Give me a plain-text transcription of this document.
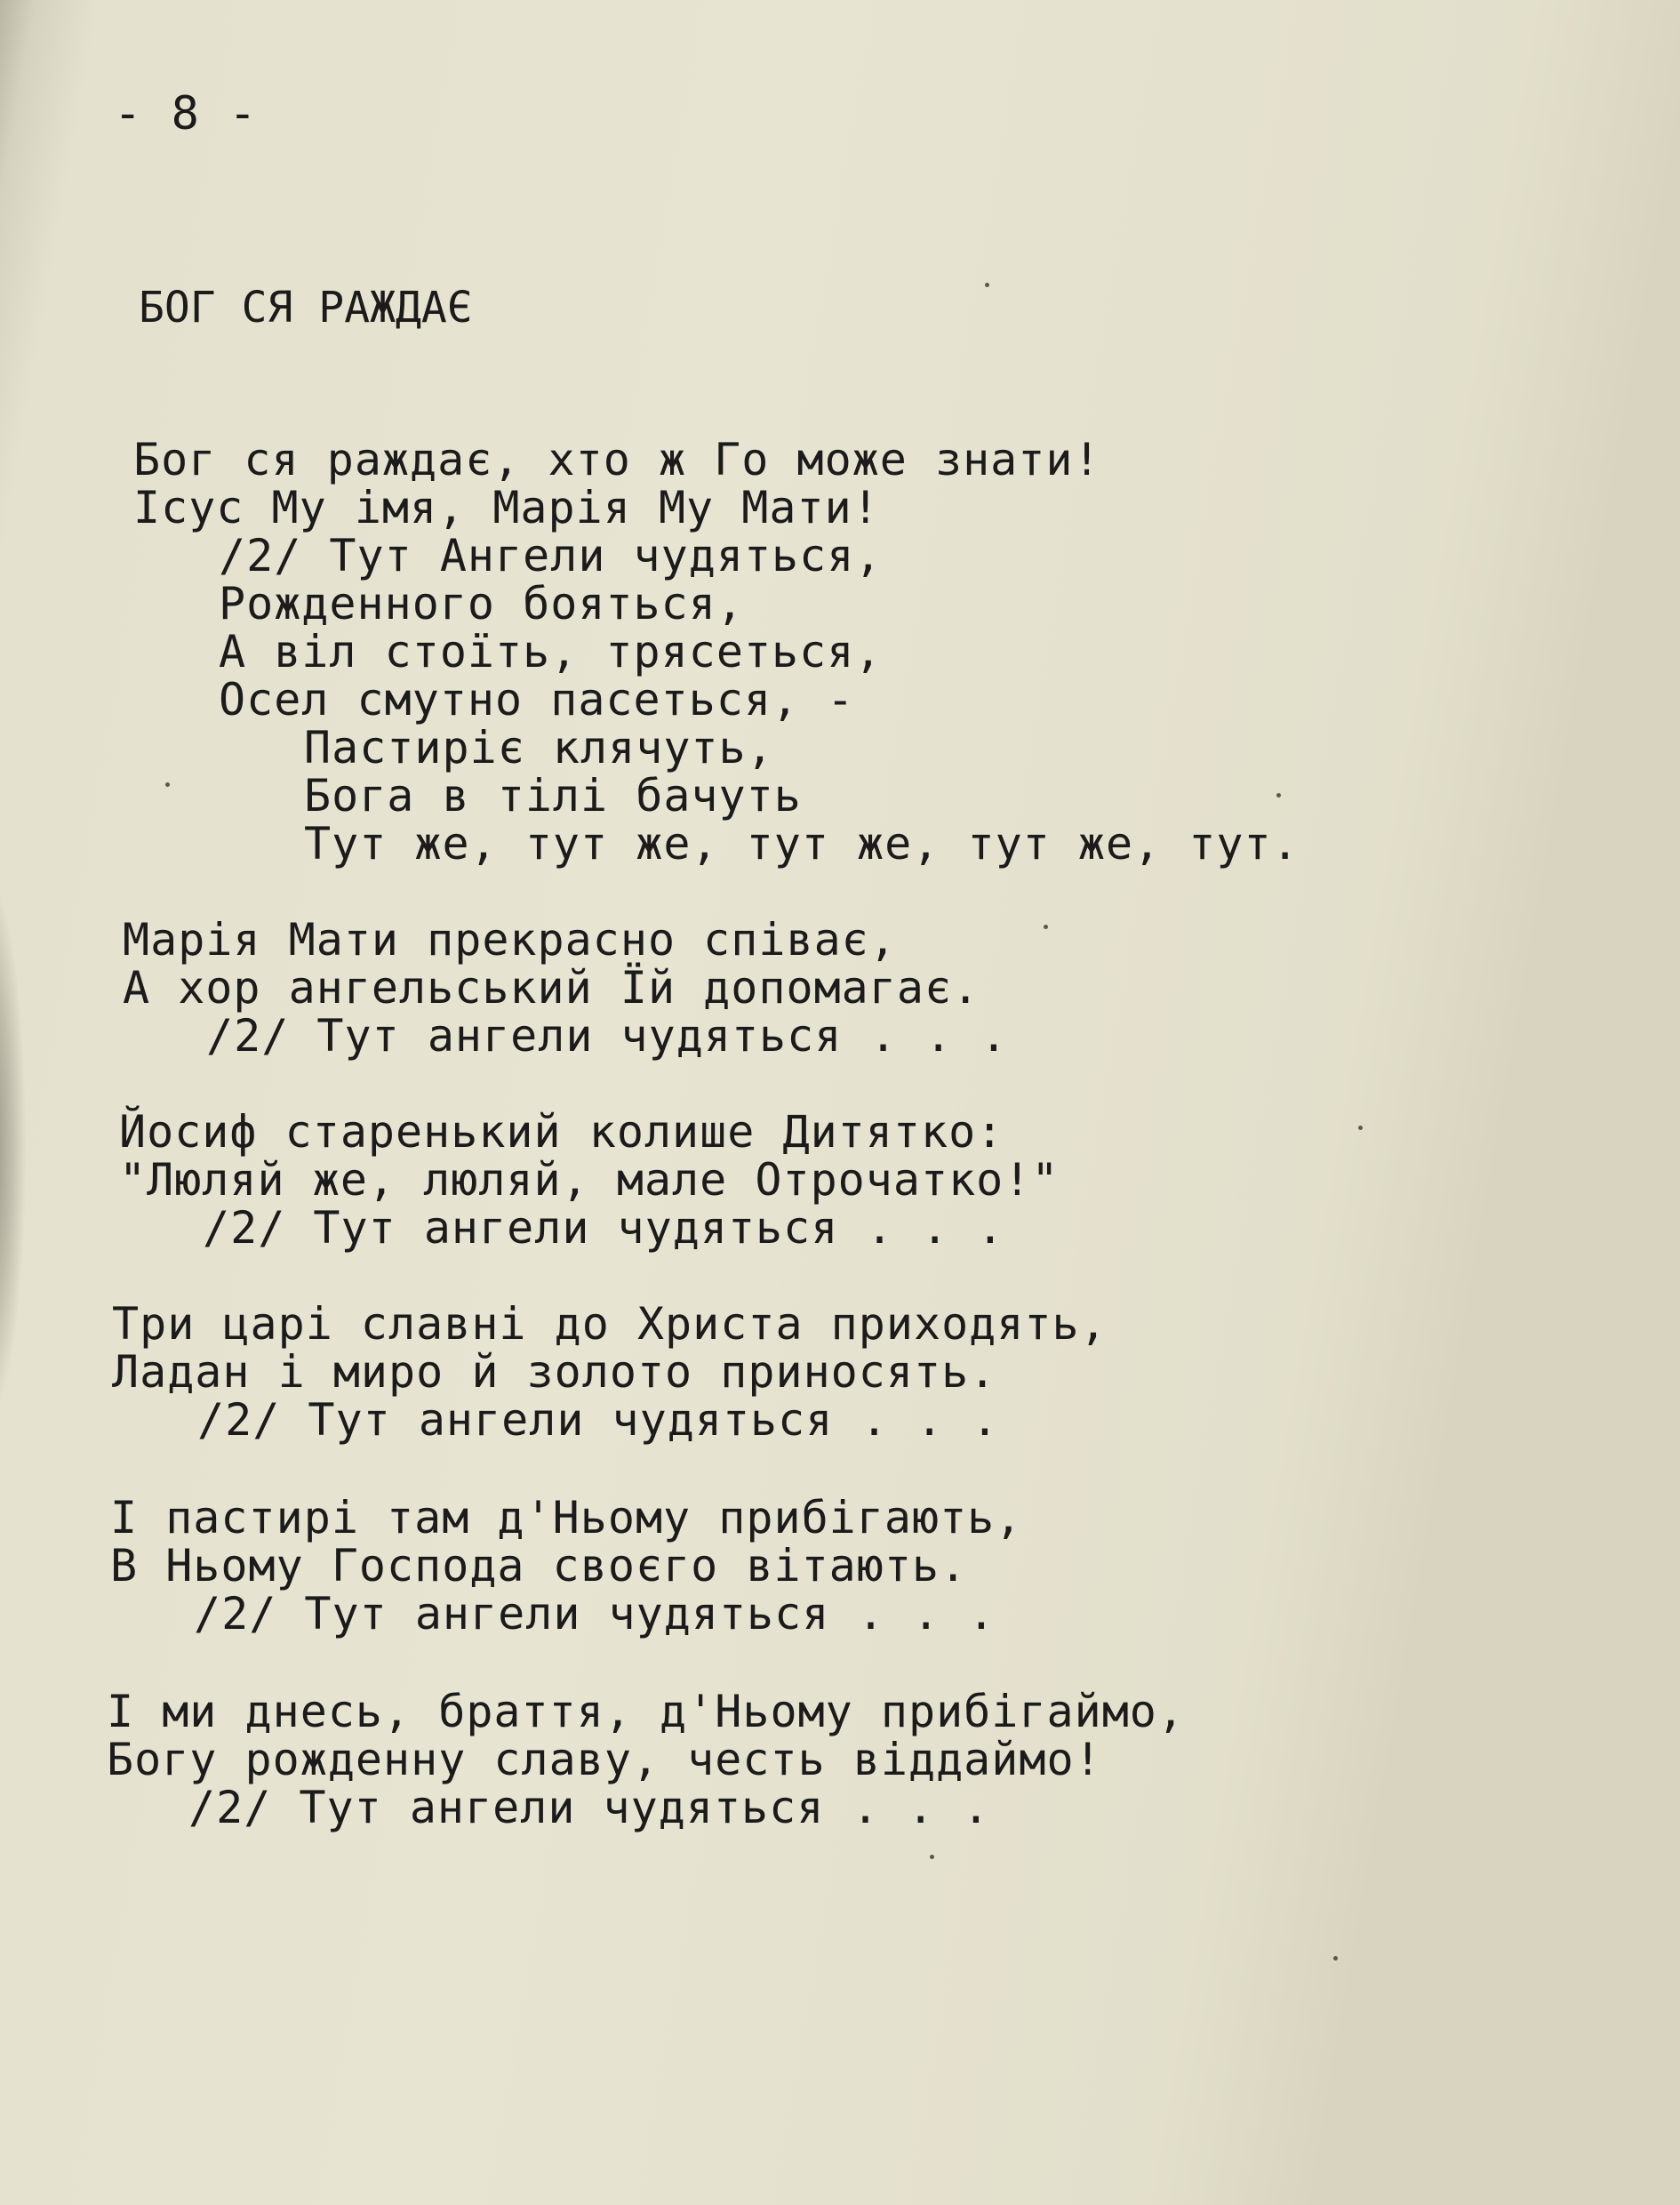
- 8 -
БОГ СЯ РАЖДАЄ
Бог ся раждає, хто ж Го може знати!
Ісус Му імя, Марія Му Мати!
/2/ Тут Ангели чудяться,
Рожденного бояться,
А віл стоїть, трясеться,
Осел смутно пасеться, -
Пастиріє клячуть,
Бога в тілі бачуть
Тут же, тут же, тут же, тут же, тут.
Марія Мати прекрасно співає,
А хор ангельський Їй допомагає.
/2/ Тут ангели чудяться . . .
Йосиф старенький колише Дитятко:
"Люляй же, люляй, мале Отрочатко!"
/2/ Тут ангели чудяться . . .
Три царі славні до Христа приходять,
Ладан і миро й золото приносять.
/2/ Тут ангели чудяться . . .
І пастирі там д'Ньому прибігають,
В Ньому Господа своєго вітають.
/2/ Тут ангели чудяться . . .
І ми днесь, браття, д'Ньому прибігаймо,
Богу рожденну славу, честь віддаймо!
/2/ Тут ангели чудяться . . .
